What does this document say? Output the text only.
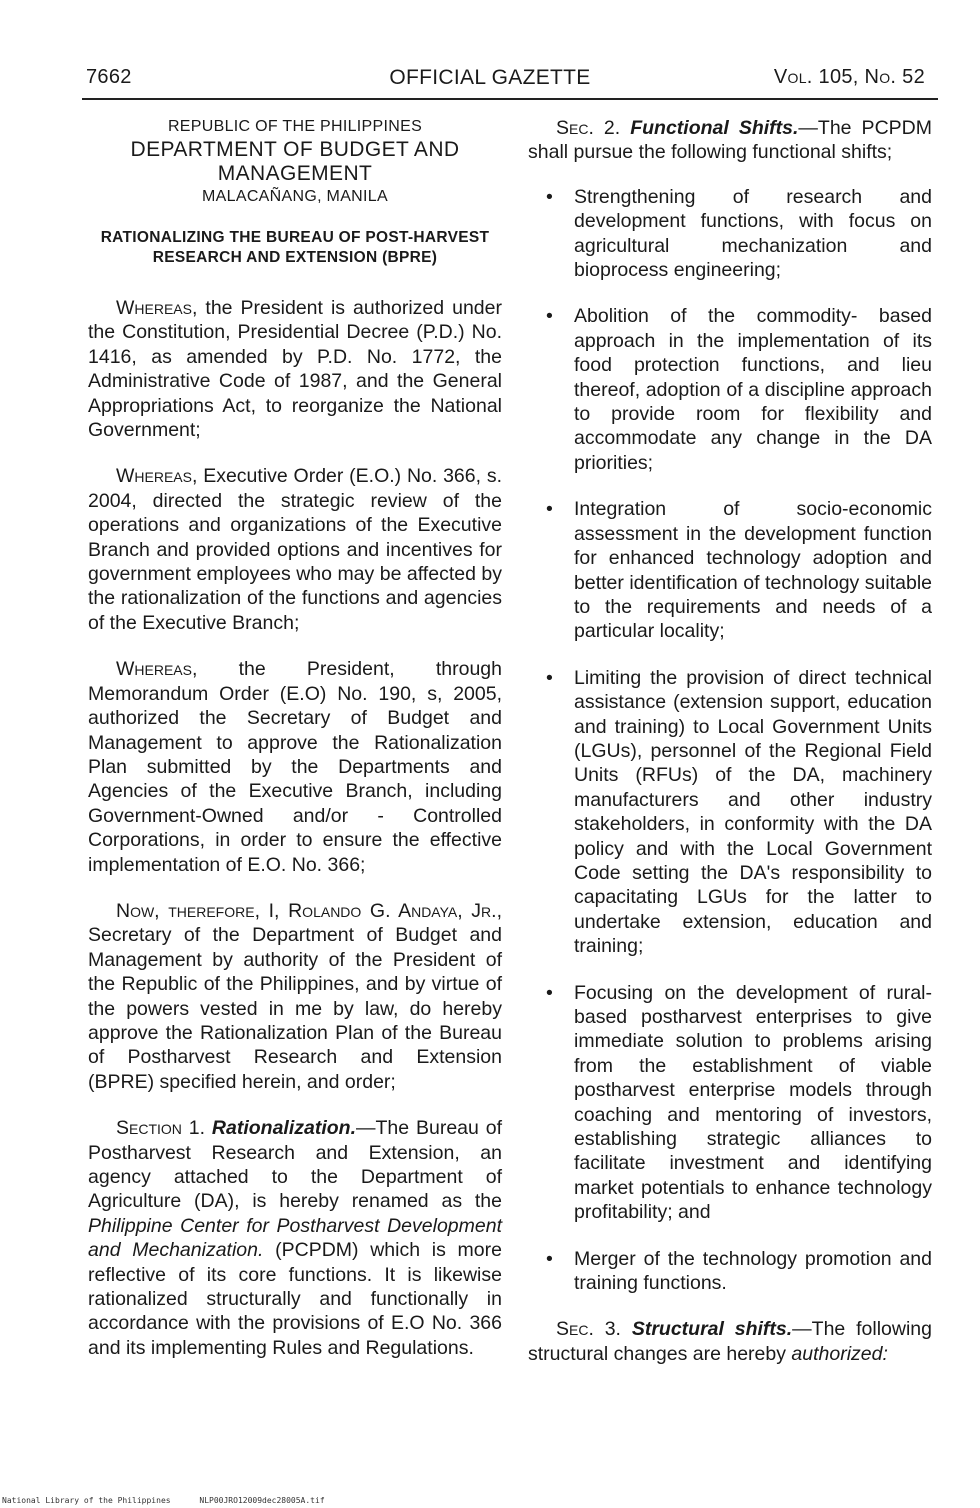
7662	OFFICIAL GAZETTE	Vol. 105, No. 52
REPUBLIC OF THE PHILIPPINES
DEPARTMENT OF BUDGET AND MANAGEMENT
MALACAÑANG, MANILA
RATIONALIZING THE BUREAU OF POST-HARVEST RESEARCH AND EXTENSION (BPRE)

Whereas, the President is authorized under the Constitution, Presidential Decree (P.D.) No. 1416, as amended by P.D. No. 1772, the Administrative Code of 1987, and the General Appropriations Act, to reorganize the National Government;

Whereas, Executive Order (E.O.) No. 366, s. 2004, directed the strategic review of the operations and organizations of the Executive Branch and provided options and incentives for government employees who may be affected by the rationalization of the functions and agencies of the Executive Branch;

Whereas, the President, through Memorandum Order (E.O) No. 190, s, 2005, authorized the Secretary of Budget and Management to approve the Rationalization Plan submitted by the Departments and Agencies of the Executive Branch, including Government-Owned and/or - Controlled Corporations, in order to ensure the effective implementation of E.O. No. 366;

Now, therefore, I, Rolando G. Andaya, Jr., Secretary of the Department of Budget and Management by authority of the President of the Republic of the Philippines, and by virtue of the powers vested in me by law, do hereby approve the Rationalization Plan of the Bureau of Postharvest Research and Extension (BPRE) specified herein, and order;

Section 1. Rationalization.—The Bureau of Postharvest Research and Extension, an agency attached to the Department of Agriculture (DA), is hereby renamed as the Philippine Center for Postharvest Development and Mechanization. (PCPDM) which is more reflective of its core functions. It is likewise rationalized structurally and functionally in accordance with the provisions of E.O No. 366 and its implementing Rules and Regulations.

Sec. 2. Functional Shifts.—The PCPDM shall pursue the following functional shifts;

• Strengthening of research and development functions, with focus on agricultural mechanization and bioprocess engineering;
• Abolition of the commodity- based approach in the implementation of its food protection functions, and lieu thereof, adoption of a discipline approach to provide room for flexibility and accommodate any change in the DA priorities;
• Integration of socio-economic assessment in the development function for enhanced technology adoption and better identification of technology suitable to the requirements and needs of a particular locality;
• Limiting the provision of direct technical assistance (extension support, education and training) to Local Government Units (LGUs), personnel of the Regional Field Units (RFUs) of the DA, machinery manufacturers and other industry stakeholders, in conformity with the DA policy and with the Local Government Code setting the DA's responsibility to capacitating LGUs for the latter to undertake extension, education and training;
• Focusing on the development of rural-based postharvest enterprises to give immediate solution to problems arising from the establishment of viable postharvest enterprise models through coaching and mentoring of investors, establishing strategic alliances to facilitate investment and identifying market potentials to enhance technology profitability; and
• Merger of the technology promotion and training functions.

Sec. 3. Structural shifts.—The following structural changes are hereby authorized:

National Library of the Philippines	NLP00JRO12009dec28005A.tif
